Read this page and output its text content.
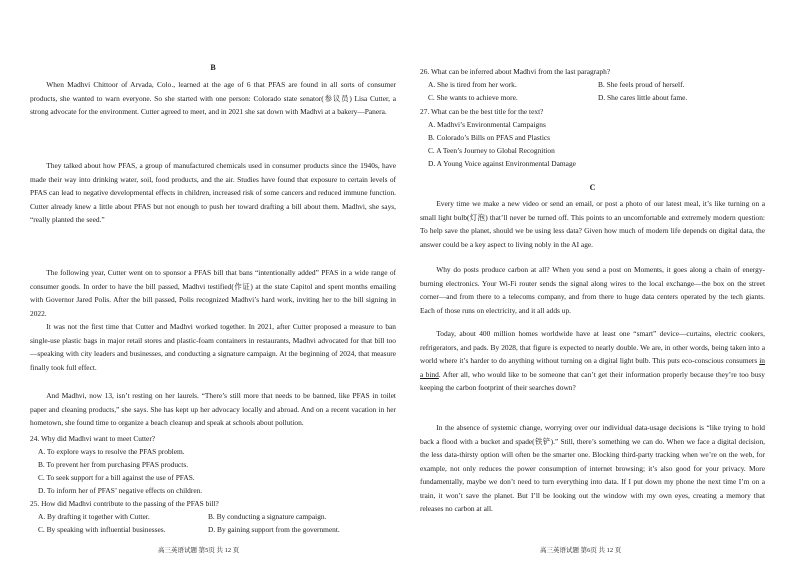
B

When Madhvi Chittoor of Arvada, Colo., learned at the age of 6 that PFAS are found in all sorts of consumer products, she wanted to warn everyone. So she started with one person: Colorado state senator(参议员) Lisa Cutter, a strong advocate for the environment. Cutter agreed to meet, and in 2021 she sat down with Madhvi at a bakery—Panera.

They talked about how PFAS, a group of manufactured chemicals used in consumer products since the 1940s, have made their way into drinking water, soil, food products, and the air. Studies have found that exposure to certain levels of PFAS can lead to negative developmental effects in children, increased risk of some cancers and reduced immune function. Cutter already knew a little about PFAS but not enough to push her toward drafting a bill about them. Madhvi, she says, “really planted the seed.”

The following year, Cutter went on to sponsor a PFAS bill that bans “intentionally added” PFAS in a wide range of consumer goods. In order to have the bill passed, Madhvi testified(作证) at the state Capitol and spent months emailing with Governor Jared Polis. After the bill passed, Polis recognized Madhvi’s hard work, inviting her to the bill signing in 2022.

It was not the first time that Cutter and Madhvi worked together. In 2021, after Cutter proposed a measure to ban single-use plastic bags in major retail stores and plastic-foam containers in restaurants, Madhvi advocated for that bill too—speaking with city leaders and businesses, and conducting a signature campaign. At the beginning of 2024, that measure finally took full effect.

And Madhvi, now 13, isn’t resting on her laurels. “There’s still more that needs to be banned, like PFAS in toilet paper and cleaning products,” she says. She has kept up her advocacy locally and abroad. And on a recent vacation in her hometown, she found time to organize a beach cleanup and speak at schools about pollution.

24. Why did Madhvi want to meet Cutter?
A. To explore ways to resolve the PFAS problem.
B. To prevent her from purchasing PFAS products.
C. To seek support for a bill against the use of PFAS.
D. To inform her of PFAS’ negative effects on children.
25. How did Madhvi contribute to the passing of the PFAS bill?
A. By drafting it together with Cutter.	B. By conducting a signature campaign.
C. By speaking with influential businesses.	D. By gaining support from the government.
高三英语试题 第5页 共 12 页
26. What can be inferred about Madhvi from the last paragraph?
A. She is tired from her work.	B. She feels proud of herself.
C. She wants to achieve more.	D. She cares little about fame.
27. What can be the best title for the text?
A. Madhvi’s Environmental Campaigns
B. Colorado’s Bills on PFAS and Plastics
C. A Teen’s Journey to Global Recognition
D. A Young Voice against Environmental Damage
C

Every time we make a new video or send an email, or post a photo of our latest meal, it’s like turning on a small light bulb(灯泡) that’ll never be turned off. This points to an uncomfortable and extremely modern question: To help save the planet, should we be using less data? Given how much of modern life depends on digital data, the answer could be a key aspect to living nobly in the AI age.

Why do posts produce carbon at all? When you send a post on Moments, it goes along a chain of energy-burning electronics. Your Wi-Fi router sends the signal along wires to the local exchange—the box on the street corner—and from there to a telecoms company, and from there to huge data centers operated by the tech giants. Each of those runs on electricity, and it all adds up.

Today, about 400 million homes worldwide have at least one “smart” device—curtains, electric cookers, refrigerators, and pads. By 2028, that figure is expected to nearly double. We are, in other words, being taken into a world where it’s harder to do anything without turning on a digital light bulb. This puts eco-conscious consumers in a bind. After all, who would like to be someone that can’t get their information properly because they’re too busy keeping the carbon footprint of their searches down?

In the absence of systemic change, worrying over our individual data-usage decisions is “like trying to hold back a flood with a bucket and spade(铁铲).” Still, there’s something we can do. When we face a digital decision, the less data-thirsty option will often be the smarter one. Blocking third-party tracking when we’re on the web, for example, not only reduces the power consumption of internet browsing; it’s also good for your privacy. More fundamentally, maybe we don’t need to turn everything into data. If I put down my phone the next time I’m on a train, it won’t save the planet. But I’ll be looking out the window with my own eyes, creating a memory that releases no carbon at all.

高三英语试题 第6页 共 12 页
